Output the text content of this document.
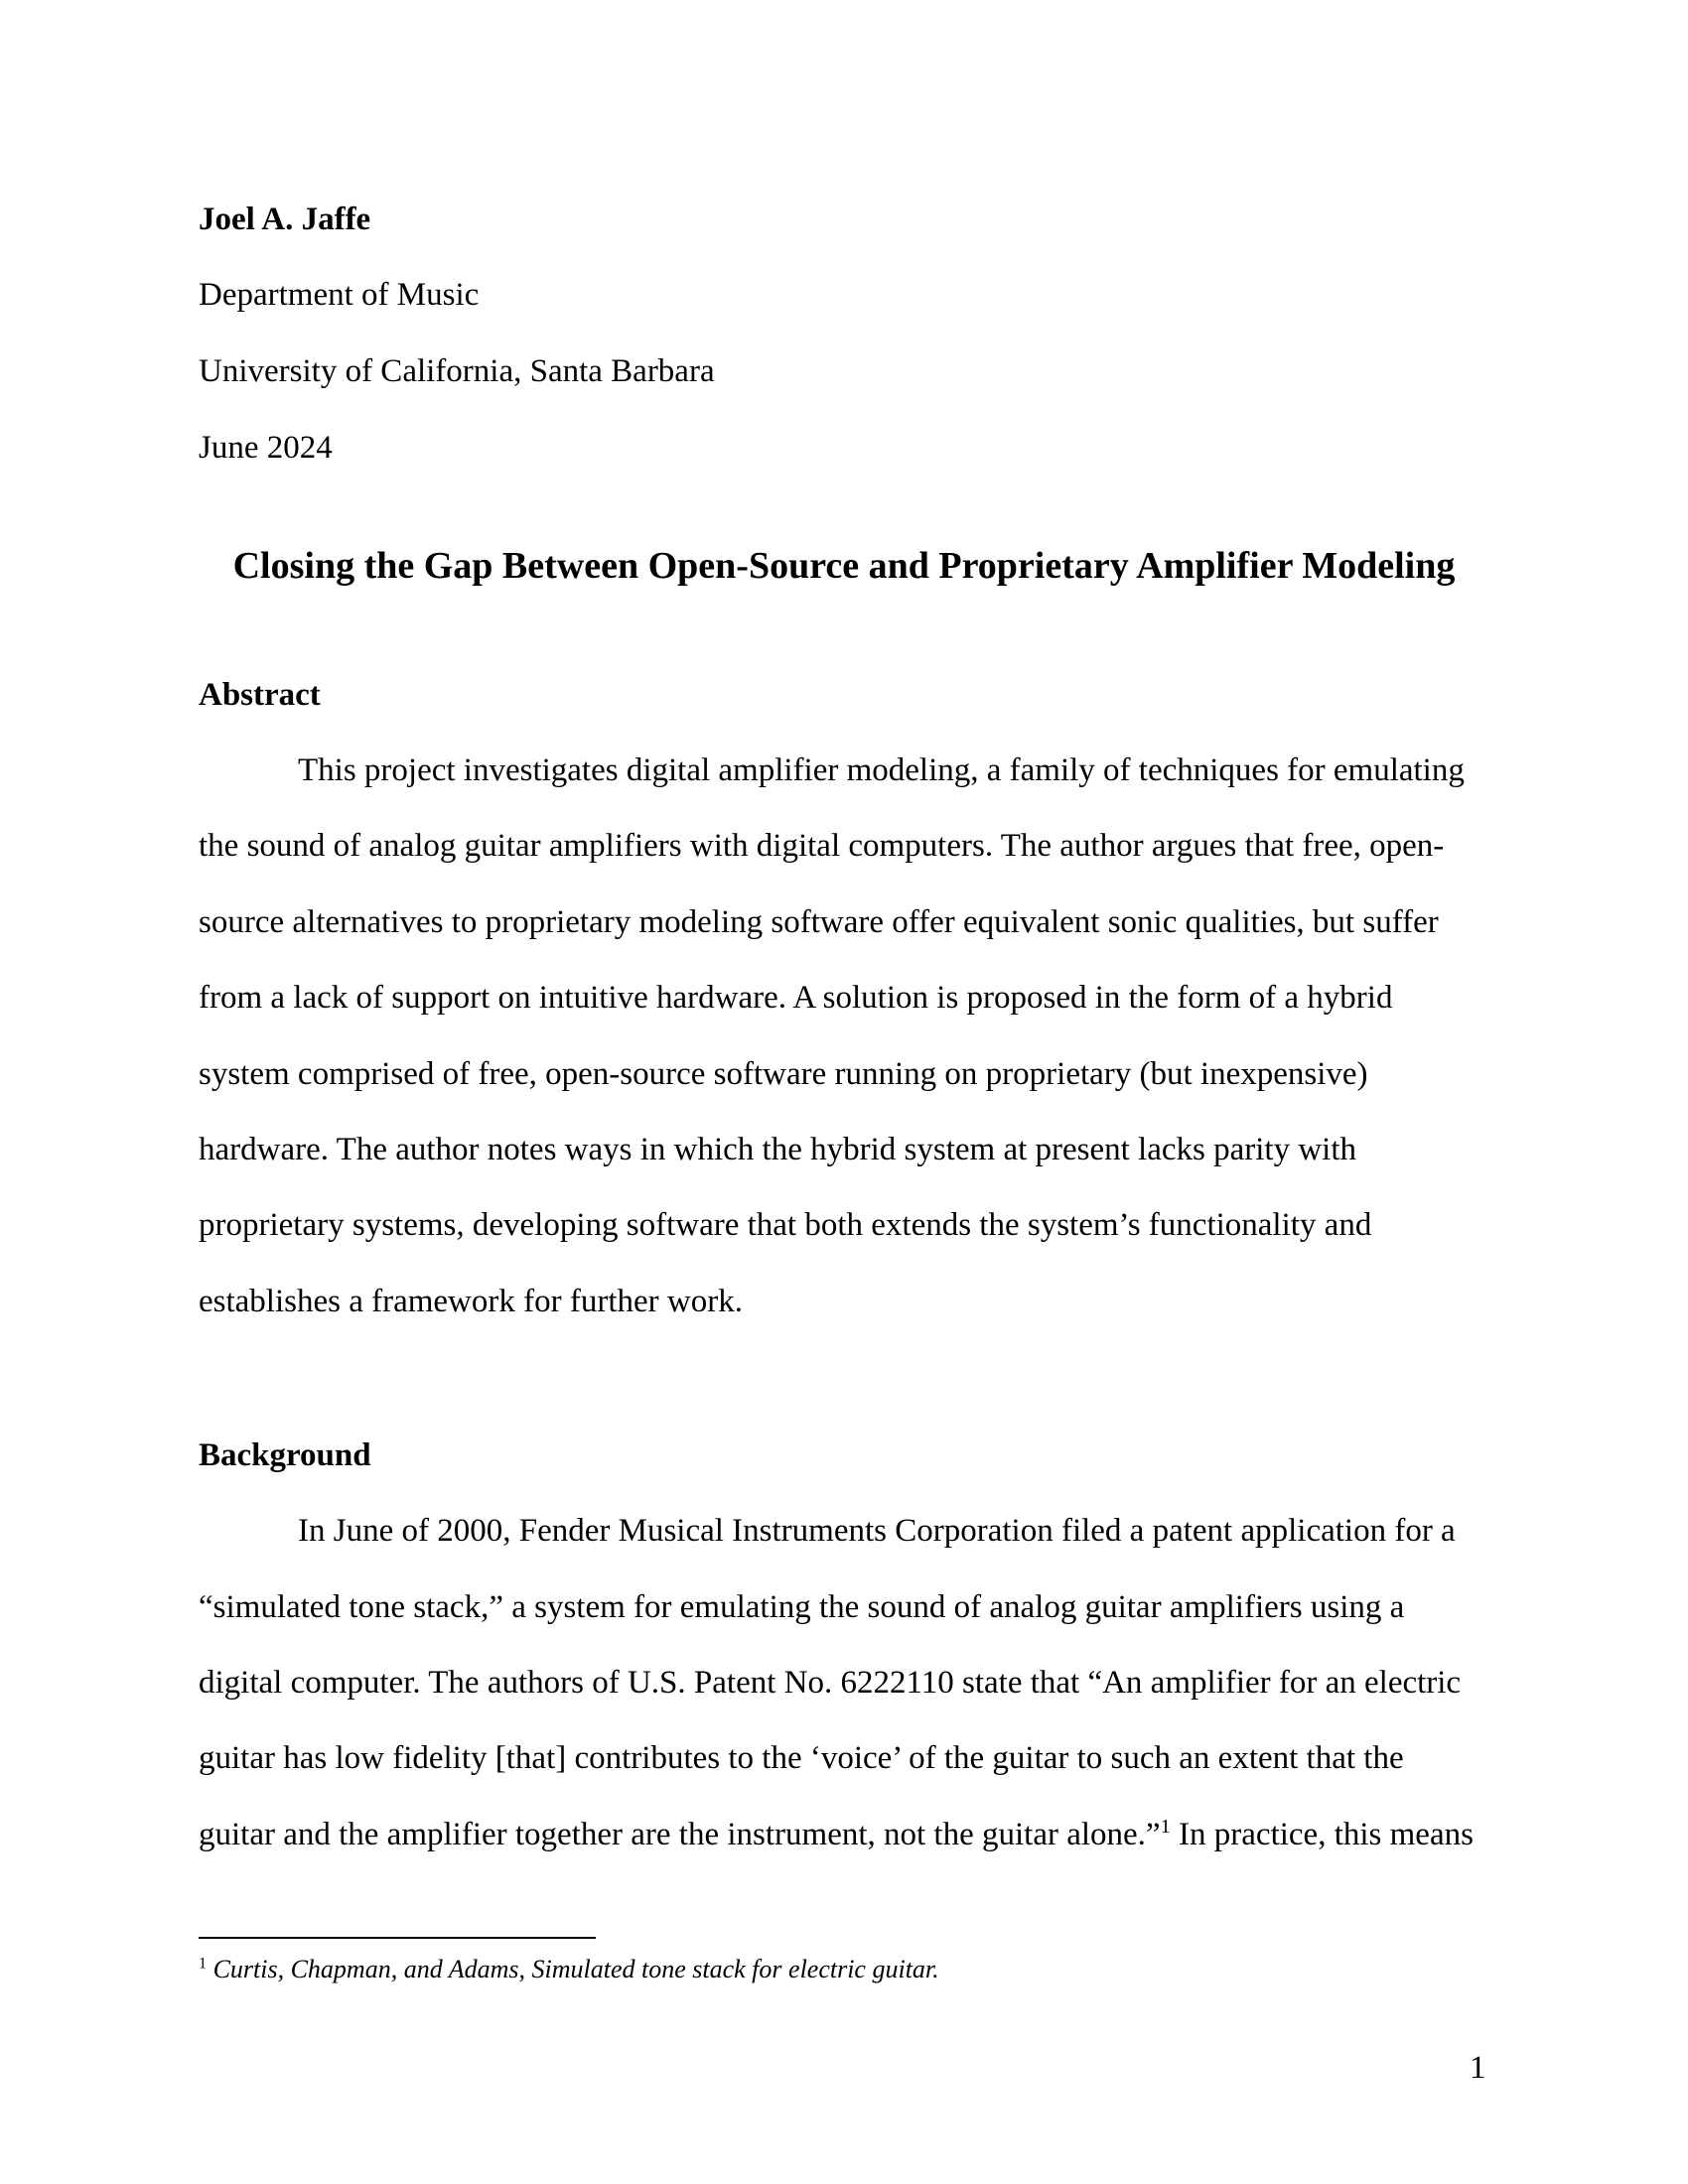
Joel A. Jaffe
Department of Music
University of California, Santa Barbara
June 2024
Closing the Gap Between Open-Source and Proprietary Amplifier Modeling
Abstract
This project investigates digital amplifier modeling, a family of techniques for emulating
the sound of analog guitar amplifiers with digital computers. The author argues that free, open-
source alternatives to proprietary modeling software offer equivalent sonic qualities, but suffer
from a lack of support on intuitive hardware. A solution is proposed in the form of a hybrid
system comprised of free, open-source software running on proprietary (but inexpensive)
hardware. The author notes ways in which the hybrid system at present lacks parity with
proprietary systems, developing software that both extends the system’s functionality and
establishes a framework for further work.
Background
In June of 2000, Fender Musical Instruments Corporation filed a patent application for a
“simulated tone stack,” a system for emulating the sound of analog guitar amplifiers using a
digital computer. The authors of U.S. Patent No. 6222110 state that “An amplifier for an electric
guitar has low fidelity [that] contributes to the ‘voice’ of the guitar to such an extent that the
guitar and the amplifier together are the instrument, not the guitar alone.”$^1$ In practice, this means
$^1$ Curtis, Chapman, and Adams, Simulated tone stack for electric guitar.
1
